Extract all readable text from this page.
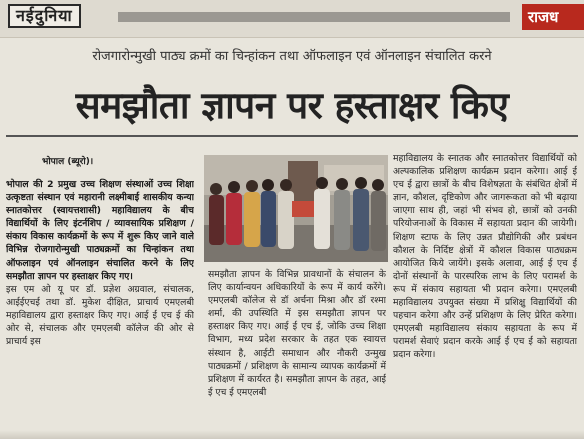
नईदुनिया	राजध
रोजगारोन्मुखी पाठ्य क्रमों का चिन्हांकन तथा ऑफलाइन एवं ऑनलाइन संचालित करने
समझौता ज्ञापन पर हस्ताक्षर किए
भोपाल (ब्यूरो)।

भोपाल की 2 प्रमुख उच्च शिक्षण संस्थाओं उच्च शिक्षा उत्कृष्टता संस्थान एवं महारानी लक्ष्मीबाई शासकीय कन्या स्नातकोत्तर (स्वायत्तशासी) महाविद्यालय के बीच विद्यार्थियों के लिए इंटर्नशिप / व्यावसायिक प्रशिक्षण / संकाय विकास कार्यक्रमों के रूप में शुरू किए जाने वाले विभिन्न रोजगारोन्मुखी पाठ्यक्रमों का चिन्हांकन तथा ऑफलाइन एवं ऑनलाइन संचालित करने के लिए समझौता ज्ञापन पर हस्ताक्षर किए गए।

इस एम ओ यू पर डॉ. प्रज्ञेश अग्रवाल, संचालक, आईईएचई तथा डॉ. मुकेश दीक्षित, प्राचार्य एमएलबी महाविद्यालय द्वारा हस्ताक्षर किए गए। आई ई एच ई की ओर से, संचालक और एमएलबी कॉलेज की ओर से प्राचार्य इस

समझौता ज्ञापन के विभिन्न प्रावधानों के संचालन के लिए कार्यान्वयन अधिकारियों के रूप में कार्य करेंगे। एमएलबी कॉलेज से डॉ अर्चना मिश्रा और डॉ रश्मा शर्मा, की उपस्थिति में इस समझौता ज्ञापन पर हस्ताक्षर किए गए। आई ई एच ई, जोकि उच्च शिक्षा विभाग, मध्य प्रदेश सरकार के तहत एक स्वायत्त संस्थान है, आईटी समाधान और नौकरी उन्मुख पाठ्यक्रमों / प्रशिक्षण के सामान्य व्यापक कार्यक्रमों में प्रशिक्षण में कार्यरत है। समझौता ज्ञापन के तहत, आई ई एच ई एमएलबी

महाविद्यालय के स्नातक और स्नातकोत्तर विद्यार्थियों को अल्पकालिक प्रशिक्षण कार्यक्रम प्रदान करेगा। आई ई एच ई द्वारा छात्रों के बीच विशेषज्ञता के संबंधित क्षेत्रों में ज्ञान, कौशल, दृष्टिकोण और जागरूकता को भी बढ़ाया जाएगा साथ ही, जहां भी संभव हो, छात्रों को उनकी परियोजनाओं के विकास में सहायता प्रदान की जायेगी। शिक्षण स्टाफ के लिए उन्नत प्रौद्योगिकी और प्रबंधन कौशल के निर्दिष्ट क्षेत्रों में कौशल विकास पाठ्यक्रम आयोजित किये जायेंगे। इसके अलावा, आई ई एच ई दोनों संस्थानों के पारस्परिक लाभ के लिए परामर्श के रूप में संकाय सहायता भी प्रदान करेगा। एमएलबी महाविद्यालय उपयुक्त संख्या में प्रशिक्षु विद्यार्थियों की पहचान करेगा और उन्हें प्रशिक्षण के लिए प्रेरित करेगा। एमएलबी महाविद्यालय संकाय सहायता के रूप में परामर्श सेवाएं प्रदान करके आई ई एच ई को सहायता प्रदान करेगा।
